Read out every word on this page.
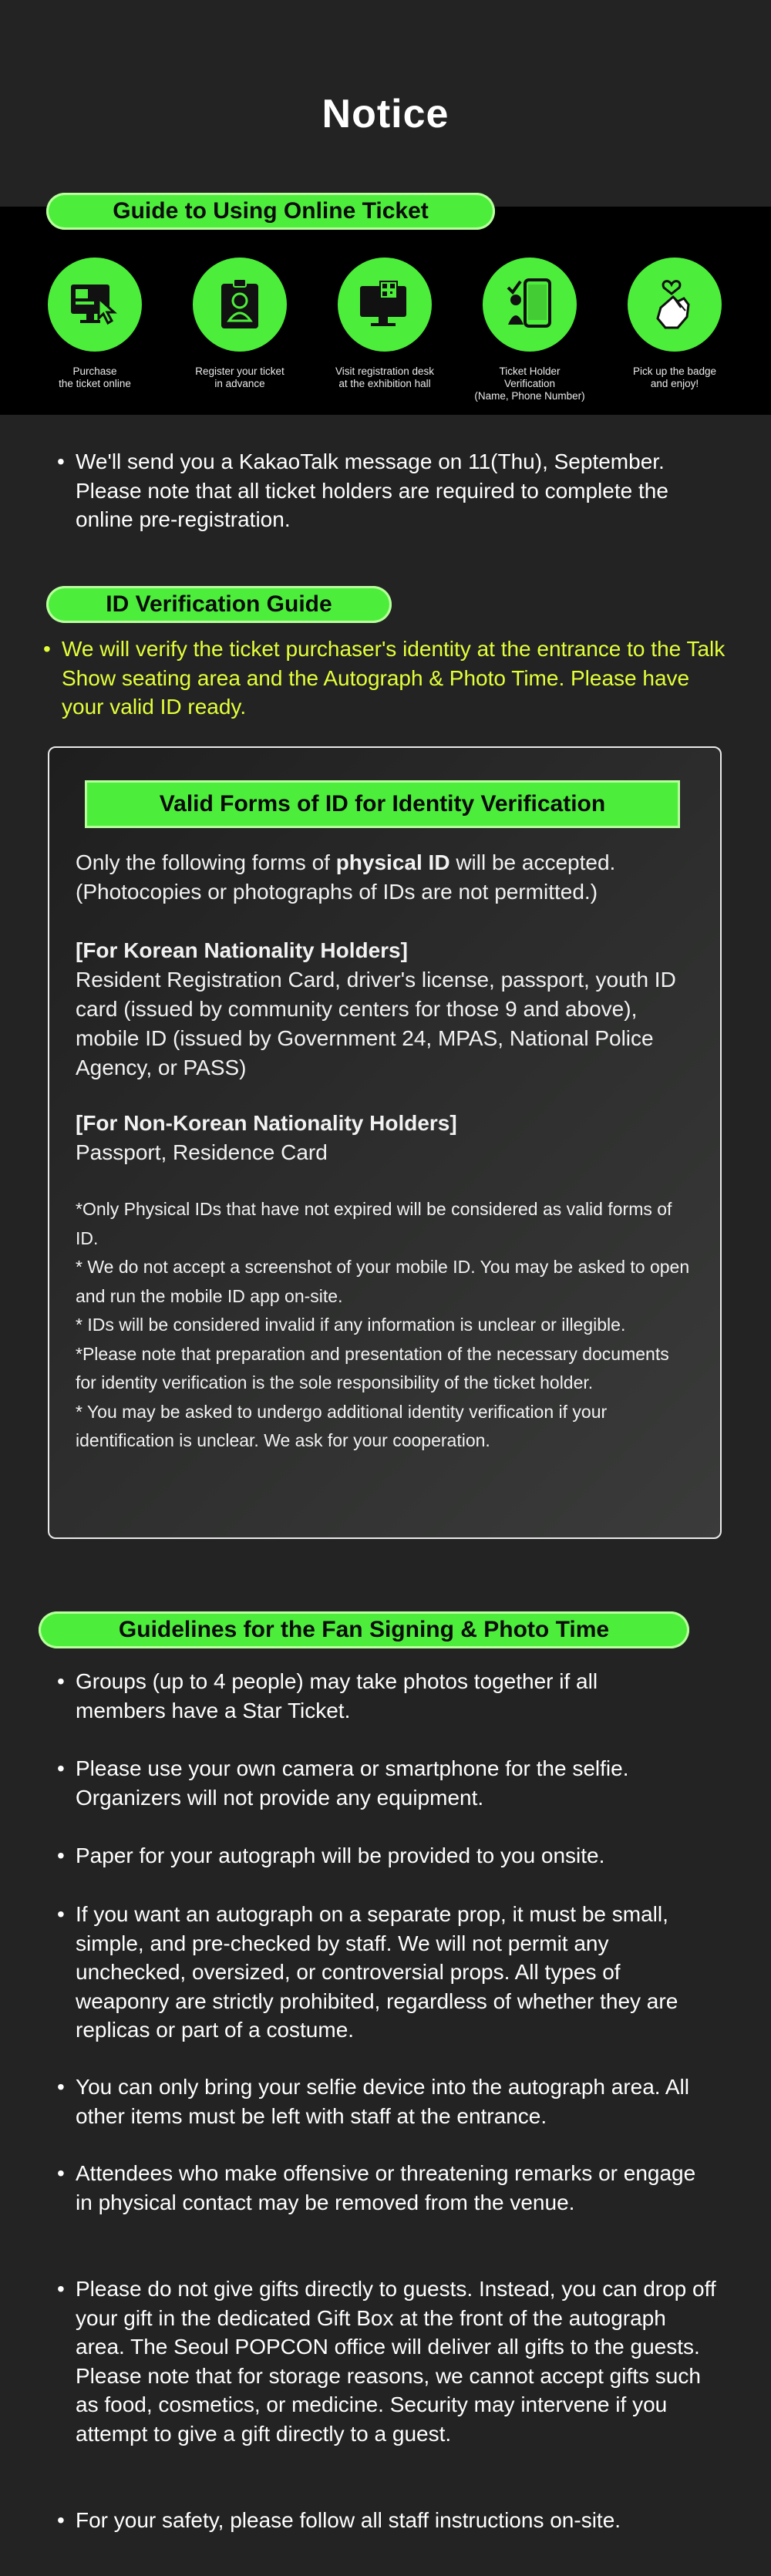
Notice
Guide to Using Online Ticket
Purchase
the ticket online
Register your ticket
in advance
Visit registration desk
at the exhibition hall
Ticket Holder
Verification
(Name, Phone Number)
Pick up the badge
and enjoy!
• We'll send you a KakaoTalk message on 11(Thu), September. Please note that all ticket holders are required to complete the online pre-registration.
ID Verification Guide
• We will verify the ticket purchaser's identity at the entrance to the Talk Show seating area and the Autograph & Photo Time. Please have your valid ID ready.
Valid Forms of ID for Identity Verification
Only the following forms of physical ID will be accepted.
(Photocopies or photographs of IDs are not permitted.)
[For Korean Nationality Holders]
Resident Registration Card, driver's license, passport, youth ID card (issued by community centers for those 9 and above), mobile ID (issued by Government 24, MPAS, National Police Agency, or PASS)
[For Non-Korean Nationality Holders]
Passport, Residence Card
*Only Physical IDs that have not expired will be considered as valid forms of ID.
* We do not accept a screenshot of your mobile ID. You may be asked to open and run the mobile ID app on-site.
* IDs will be considered invalid if any information is unclear or illegible.
*Please note that preparation and presentation of the necessary documents for identity verification is the sole responsibility of the ticket holder.
* You may be asked to undergo additional identity verification if your identification is unclear. We ask for your cooperation.
Guidelines for the Fan Signing & Photo Time
• Groups (up to 4 people) may take photos together if all members have a Star Ticket.
• Please use your own camera or smartphone for the selfie. Organizers will not provide any equipment.
• Paper for your autograph will be provided to you onsite.
• If you want an autograph on a separate prop, it must be small, simple, and pre-checked by staff. We will not permit any unchecked, oversized, or controversial props. All types of weaponry are strictly prohibited, regardless of whether they are replicas or part of a costume.
• You can only bring your selfie device into the autograph area. All other items must be left with staff at the entrance.
• Attendees who make offensive or threatening remarks or engage in physical contact may be removed from the venue.
• Please do not give gifts directly to guests. Instead, you can drop off your gift in the dedicated Gift Box at the front of the autograph area. The Seoul POPCON office will deliver all gifts to the guests. Please note that for storage reasons, we cannot accept gifts such as food, cosmetics, or medicine. Security may intervene if you attempt to give a gift directly to a guest.
• For your safety, please follow all staff instructions on-site.
